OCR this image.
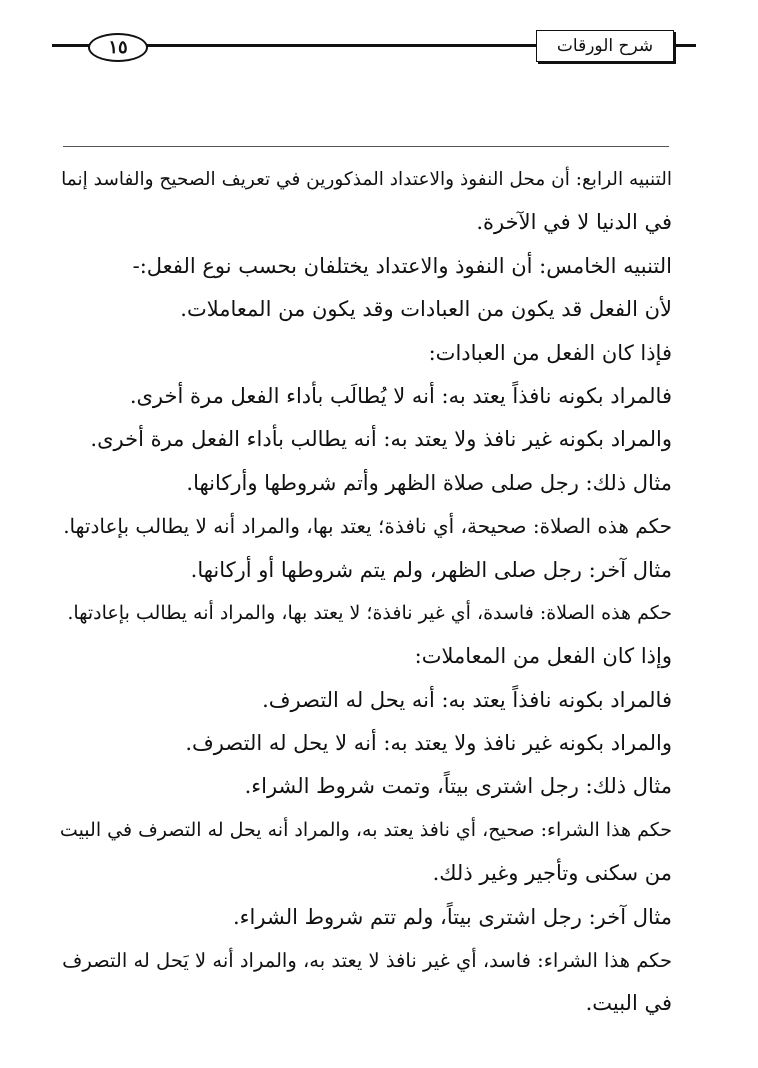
١٥	شرح الورقات
التنبيه الرابع: أن محل النفوذ والاعتداد المذكورين في تعريف الصحيح والفاسد إنما
في الدنيا لا في الآخرة.
التنبيه الخامس: أن النفوذ والاعتداد يختلفان بحسب نوع الفعل:-
لأن الفعل قد يكون من العبادات وقد يكون من المعاملات.
فإذا كان الفعل من العبادات:
فالمراد بكونه نافذاً يعتد به: أنه لا يُطالَب بأداء الفعل مرة أخرى.
والمراد بكونه غير نافذ ولا يعتد به: أنه يطالب بأداء الفعل مرة أخرى.
مثال ذلك: رجل صلى صلاة الظهر وأتم شروطها وأركانها.
حكم هذه الصلاة: صحيحة، أي نافذة؛ يعتد بها، والمراد أنه لا يطالب بإعادتها.
مثال آخر: رجل صلى الظهر، ولم يتم شروطها أو أركانها.
حكم هذه الصلاة: فاسدة، أي غير نافذة؛ لا يعتد بها، والمراد أنه يطالب بإعادتها.
وإذا كان الفعل من المعاملات:
فالمراد بكونه نافذاً يعتد به: أنه يحل له التصرف.
والمراد بكونه غير نافذ ولا يعتد به: أنه لا يحل له التصرف.
مثال ذلك: رجل اشترى بيتاً، وتمت شروط الشراء.
حكم هذا الشراء: صحيح، أي نافذ يعتد به، والمراد أنه يحل له التصرف في البيت
من سكنى وتأجير وغير ذلك.
مثال آخر: رجل اشترى بيتاً، ولم تتم شروط الشراء.
حكم هذا الشراء: فاسد، أي غير نافذ لا يعتد به، والمراد أنه لا يَحل له التصرف
في البيت.
